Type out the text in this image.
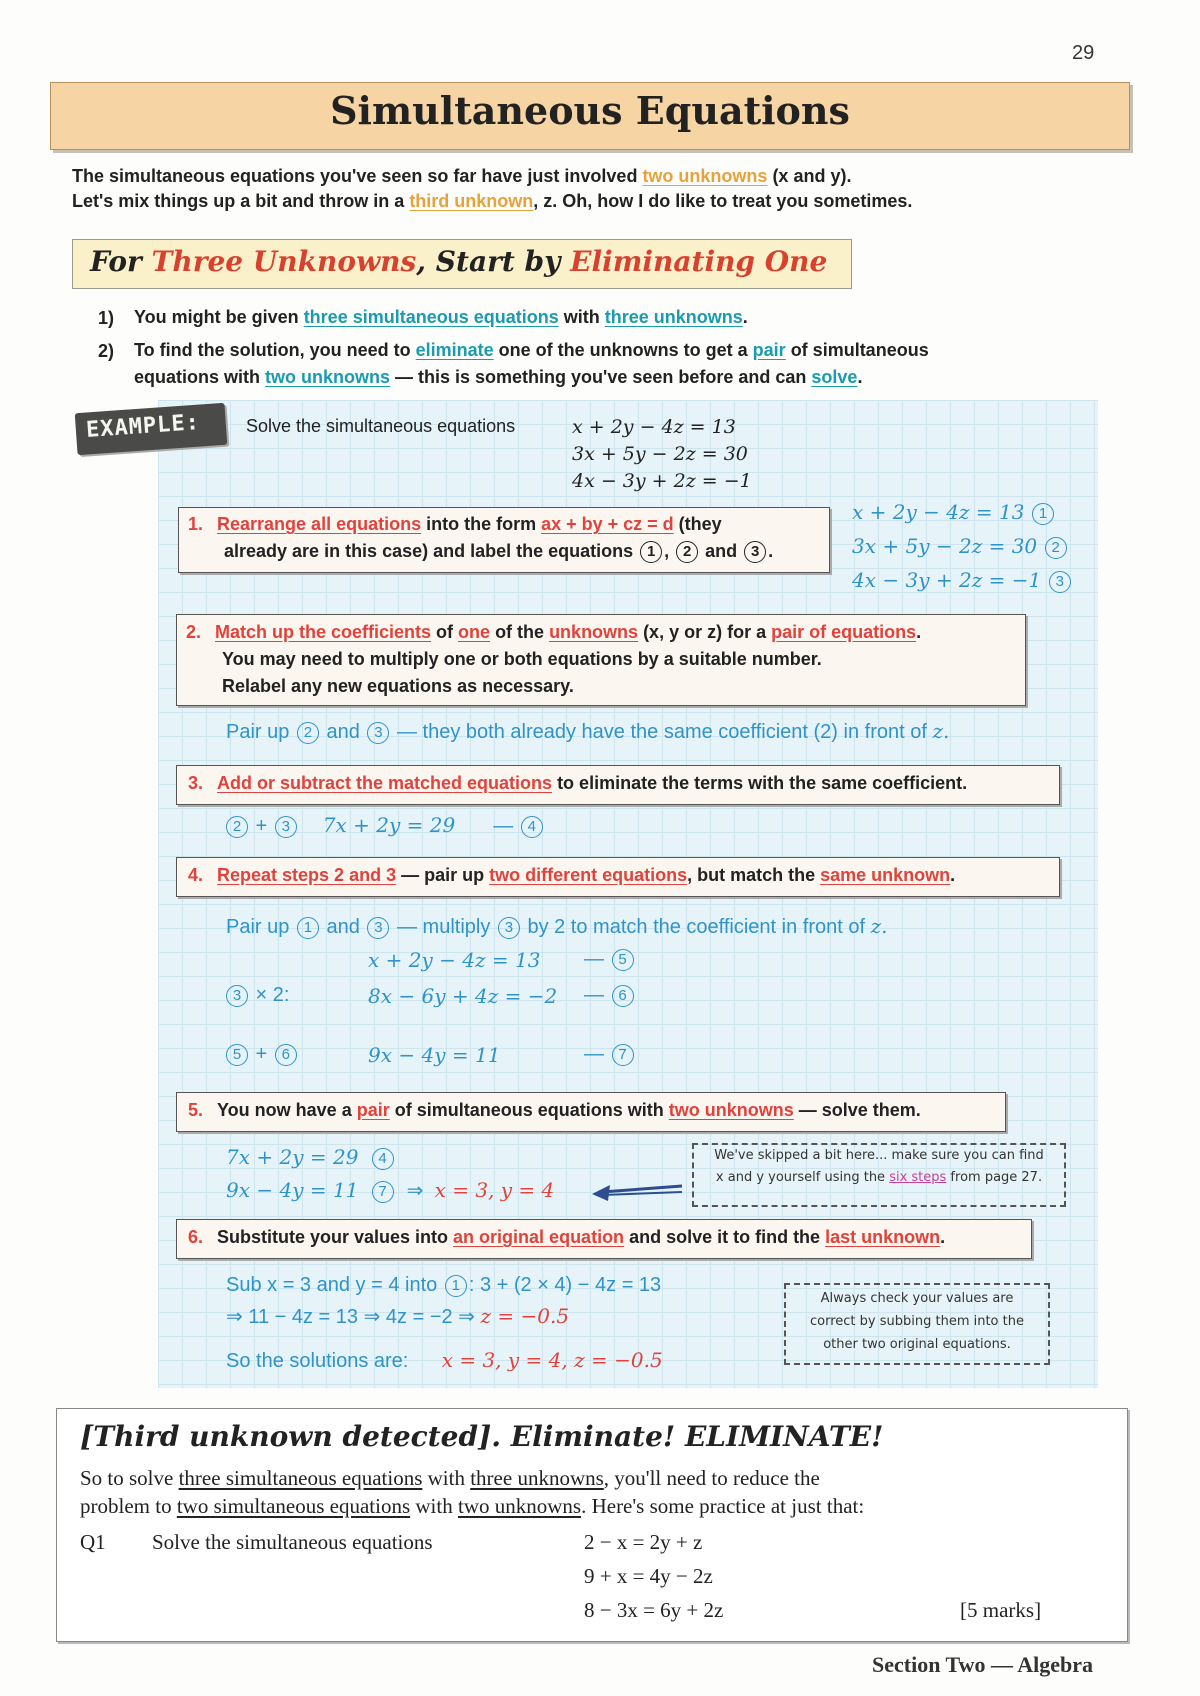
29
Simultaneous Equations
The simultaneous equations you've seen so far have just involved two unknowns (x and y).
Let's mix things up a bit and throw in a third unknown, z. Oh, how I do like to treat you sometimes.
For Three Unknowns, Start by Eliminating One
1) You might be given three simultaneous equations with three unknowns.
2) To find the solution, you need to eliminate one of the unknowns to get a pair of simultaneous
equations with two unknowns — this is something you've seen before and can solve.
EXAMPLE:	Solve the simultaneous equations	x + 2y − 4z = 13
3x + 5y − 2z = 30
4x − 3y + 2z = −1
1. Rearrange all equations into the form ax + by + cz = d (they
already are in this case) and label the equations 1 , 2 and 3 .
x + 2y − 4z = 13 1
3x + 5y − 2z = 30 2
4x − 3y + 2z = −1 3
2. Match up the coefficients of one of the unknowns (x, y or z) for a pair of equations.
You may need to multiply one or both equations by a suitable number.
Relabel any new equations as necessary.
Pair up 2 and 3 — they both already have the same coefficient (2) in front of z.
3. Add or subtract the matched equations to eliminate the terms with the same coefficient.
2 + 3 7x + 2y = 29 — 4
4. Repeat steps 2 and 3 — pair up two different equations, but match the same unknown.
Pair up 1 and 3 — multiply 3 by 2 to match the coefficient in front of z.
x + 2y − 4z = 13 — 5
3 × 2:	8x − 6y + 4z = −2 — 6
5 + 6	9x − 4y = 11	— 7
5. You now have a pair of simultaneous equations with two unknowns — solve them.
7x + 2y = 29 4
9x − 4y = 11 7 ⇒ x = 3, y = 4
We've skipped a bit here... make sure you can find
x and y yourself using the six steps from page 27.
6. Substitute your values into an original equation and solve it to find the last unknown.
Sub x = 3 and y = 4 into 1 : 3 + (2 × 4) − 4z = 13
⇒ 11 − 4z = 13 ⇒ 4z = −2 ⇒ z = −0.5
So the solutions are: x = 3, y = 4, z = −0.5
Always check your values are
correct by subbing them into the
other two original equations.
[Third unknown detected]. Eliminate! ELIMINATE!
So to solve three simultaneous equations with three unknowns, you'll need to reduce the
problem to two simultaneous equations with two unknowns. Here's some practice at just that:
Q1 Solve the simultaneous equations	2 − x = 2y + z
9 + x = 4y − 2z
8 − 3x = 6y + 2z	[5 marks]
Section Two — Algebra
